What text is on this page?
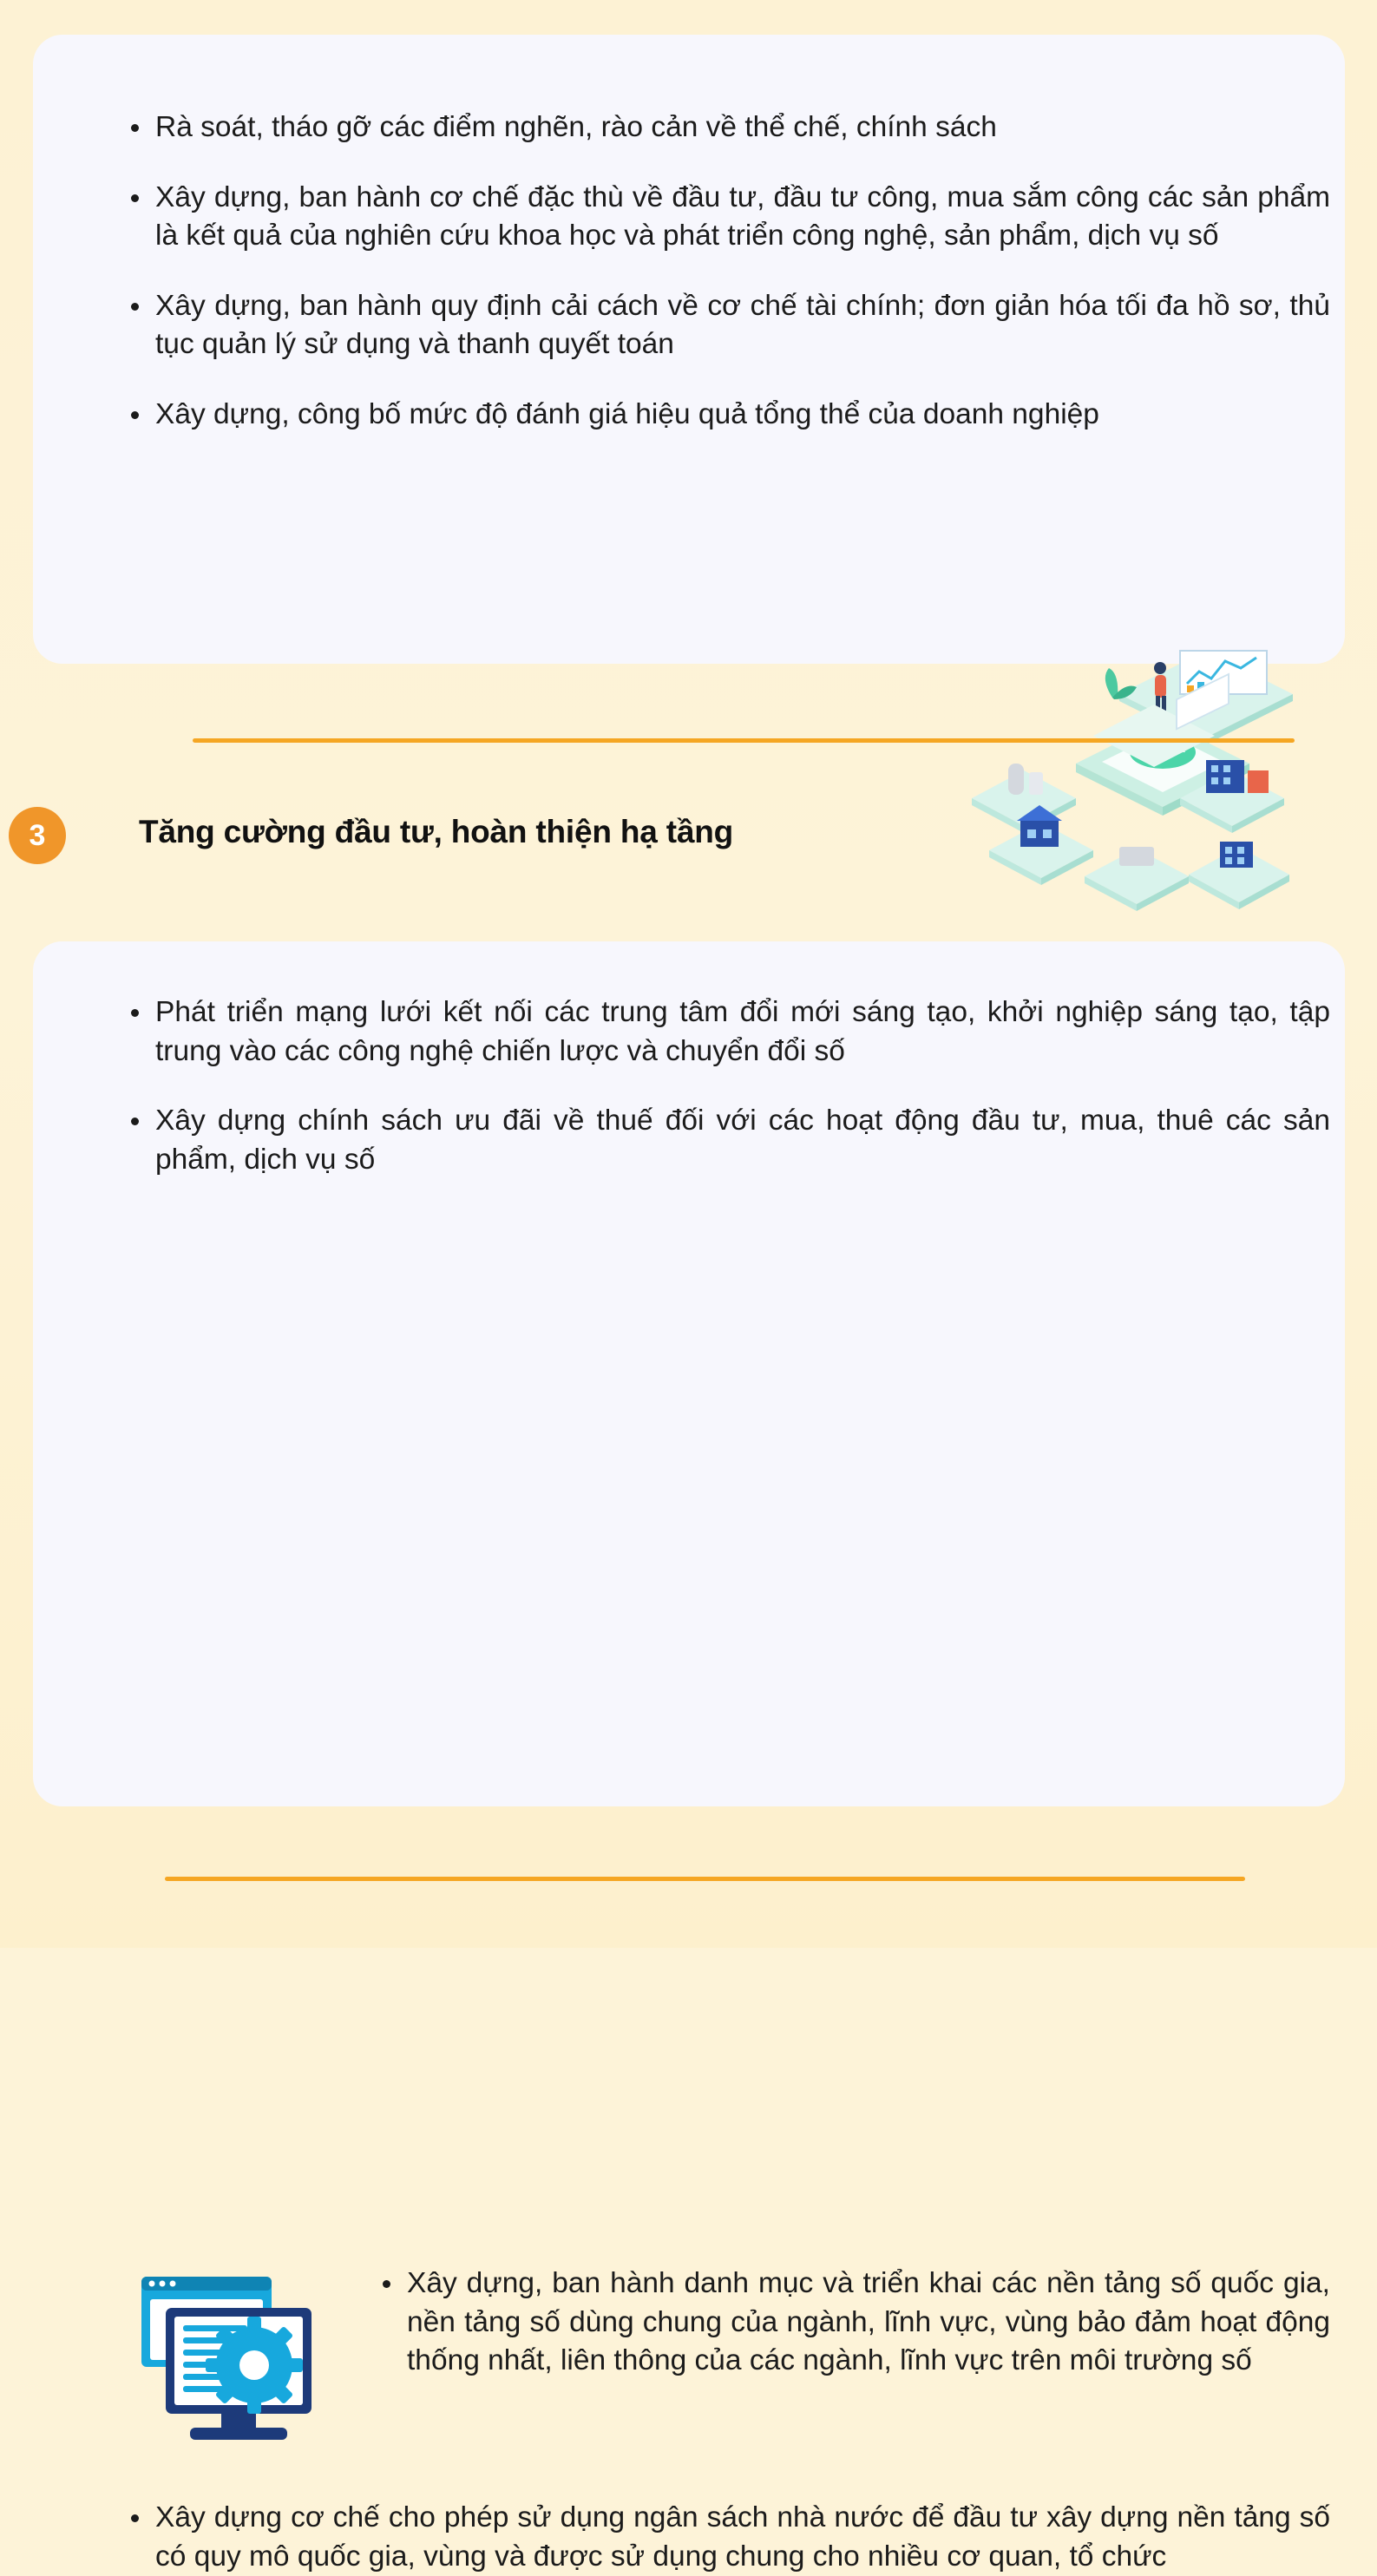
Rà soát, tháo gỡ các điểm nghẽn, rào cản về thể chế, chính sách
Xây dựng, ban hành cơ chế đặc thù về đầu tư, đầu tư công, mua sắm công các sản phẩm là kết quả của nghiên cứu khoa học và phát triển công nghệ, sản phẩm, dịch vụ số
Xây dựng, ban hành quy định cải cách về cơ chế tài chính; đơn giản hóa tối đa hồ sơ, thủ tục quản lý sử dụng và thanh quyết toán
Xây dựng, công bố mức độ đánh giá hiệu quả tổng thể của doanh nghiệp
3	Tăng cường đầu tư, hoàn thiện hạ tầng
Phát triển mạng lưới kết nối các trung tâm đổi mới sáng tạo, khởi nghiệp sáng tạo, tập trung vào các công nghệ chiến lược và chuyển đổi số
Xây dựng chính sách ưu đãi về thuế đối với các hoạt động đầu tư, mua, thuê các sản phẩm, dịch vụ số
Xây dựng, ban hành danh mục và triển khai các nền tảng số quốc gia, nền tảng số dùng chung của ngành, lĩnh vực, vùng bảo đảm hoạt động thống nhất, liên thông của các ngành, lĩnh vực trên môi trường số
Xây dựng cơ chế cho phép sử dụng ngân sách nhà nước để đầu tư xây dựng nền tảng số có quy mô quốc gia, vùng và được sử dụng chung cho nhiều cơ quan, tổ chức
